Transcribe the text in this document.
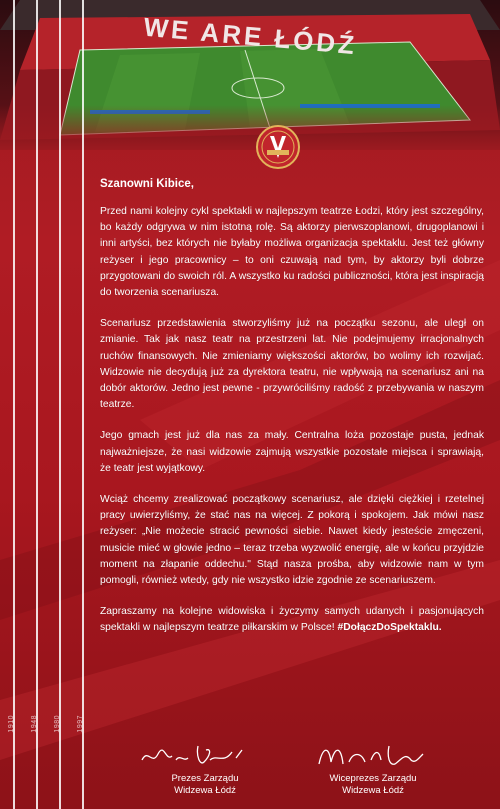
1910 1948 1980 1997

Szanowni Kibice,

Przed nami kolejny cykl spektakli w najlepszym teatrze Łodzi, który jest szczególny, bo każdy odgrywa w nim istotną rolę. Są aktorzy pierwszoplanowi, drugoplanowi i inni artyści, bez których nie byłaby możliwa organizacja spektaklu. Jest też główny reżyser i jego pracownicy – to oni czuwają nad tym, by aktorzy byli dobrze przygotowani do swoich ról. A wszystko ku radości publiczności, która jest inspiracją do tworzenia scenariusza.

Scenariusz przedstawienia stworzyliśmy już na początku sezonu, ale uległ on zmianie. Tak jak nasz teatr na przestrzeni lat. Nie podejmujemy irracjonalnych ruchów finansowych. Nie zmieniamy większości aktorów, bo wolimy ich rozwijać. Widzowie nie decydują już za dyrektora teatru, nie wpływają na scenariusz ani na dobór aktorów. Jedno jest pewne - przywróciliśmy radość z przebywania w naszym teatrze.

Jego gmach jest już dla nas za mały. Centralna loża pozostaje pusta, jednak najważniejsze, że nasi widzowie zajmują wszystkie pozostałe miejsca i sprawiają, że teatr jest wyjątkowy.

Wciąż chcemy zrealizować początkowy scenariusz, ale dzięki ciężkiej i rzetelnej pracy uwierzyliśmy, że stać nas na więcej. Z pokorą i spokojem. Jak mówi nasz reżyser: „Nie możecie stracić pewności siebie. Nawet kiedy jesteście zmęczeni, musicie mieć w głowie jedno – teraz trzeba wyzwolić energię, ale w końcu przyjdzie moment na złapanie oddechu." Stąd nasza prośba, aby widzowie nam w tym pomogli, również wtedy, gdy nie wszystko idzie zgodnie ze scenariuszem.

Zapraszamy na kolejne widowiska i życzymy samych udanych i pasjonujących spektakli w najlepszym teatrze piłkarskim w Polsce! #DołączDoSpektaklu.

Prezes Zarządu
Widzewa Łódź
Wiceprezes Zarządu
Widzewa Łódź
